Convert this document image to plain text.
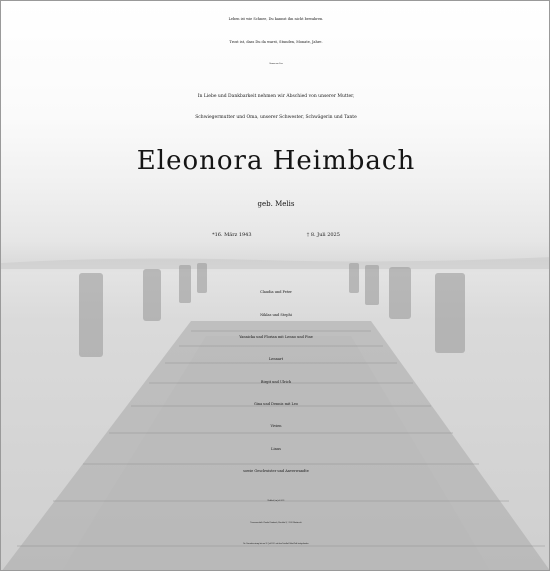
Leben ist wie Schnee, Du kannst ihn nicht bewahren.
Trost ist, dass Du da warst, Stunden, Monate, Jahre.
Herman van Veen
In Liebe und Dankbarkeit nehmen wir Abschied von unserer Mutter,
Schwiegermutter und Oma, unserer Schwester, Schwägerin und Tante
Eleonora Heimbach
geb. Melis
*16. März 1943	† 8. Juli 2025
Claudia und Peter
Niklas und Stephi
Yannicka und Florian mit Lenno und Fine
Lennart
Birgit und Ulrich
Gina und Dennis mit Leo
Vivien
Linus
sowie Geschwister und Anverwandte
Waldbröl, im Juli 2025
Traueranschrift: Claudia Heimbach, Büschhof 6, 51588 Nümbrecht
Die Urnenbeisetzung hat am 22. Juli 2025 auf dem Friedhof Hahn/Puhl stattgefunden.
